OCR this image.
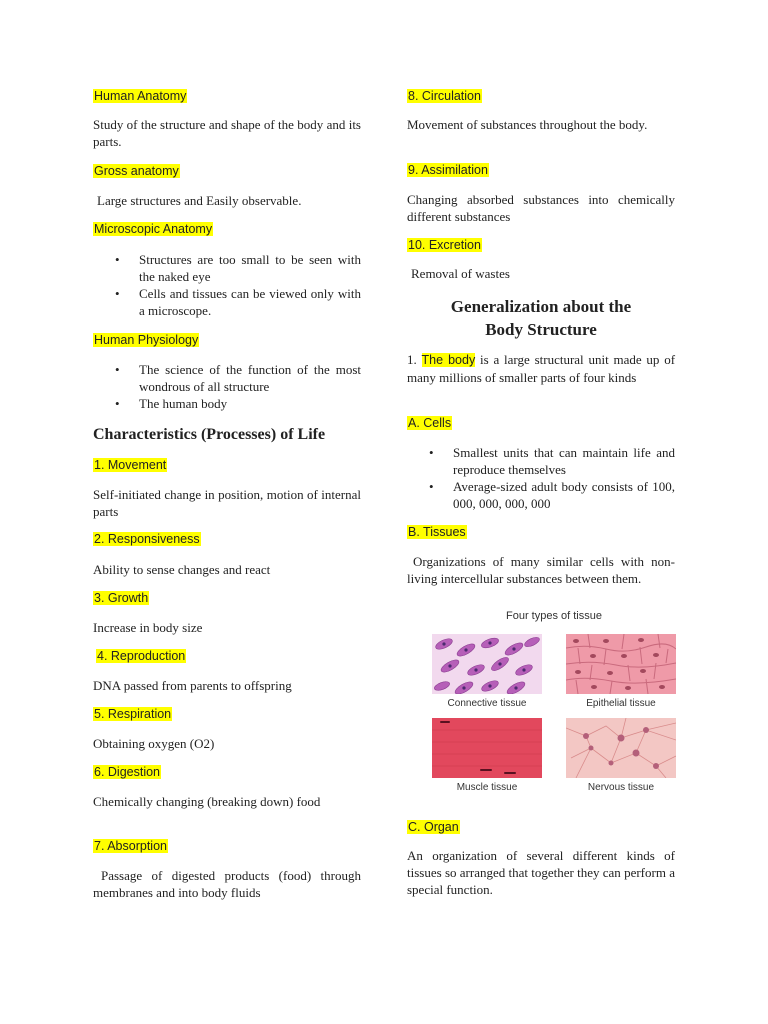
Human Anatomy
Study of the structure and shape of the body and its parts.
Gross anatomy
Large structures and Easily observable.
Microscopic Anatomy
• Structures are too small to be seen with the naked eye
• Cells and tissues can be viewed only with a microscope.
Human Physiology
• The science of the function of the most wondrous of all structure
• The human body
Characteristics (Processes) of Life
1. Movement
Self-initiated change in position, motion of internal parts
2. Responsiveness
Ability to sense changes and react
3. Growth
Increase in body size
4. Reproduction
DNA passed from parents to offspring
5. Respiration
Obtaining oxygen (O2)
6. Digestion
Chemically changing (breaking down) food
7. Absorption
Passage of digested products (food) through membranes and into body fluids
8. Circulation
Movement of substances throughout the body.
9. Assimilation
Changing absorbed substances into chemically different substances
10. Excretion
Removal of wastes
Generalization about the
Body Structure
1. The body is a large structural unit made up of many millions of smaller parts of four kinds
A. Cells
• Smallest units that can maintain life and reproduce themselves
• Average-sized adult body consists of 100, 000, 000, 000, 000
B. Tissues
Organizations of many similar cells with non-living intercellular substances between them.
Four types of tissue
Connective tissue	Epithelial tissue
Muscle tissue	Nervous tissue
C. Organ
An organization of several different kinds of tissues so arranged that together they can perform a special function.
